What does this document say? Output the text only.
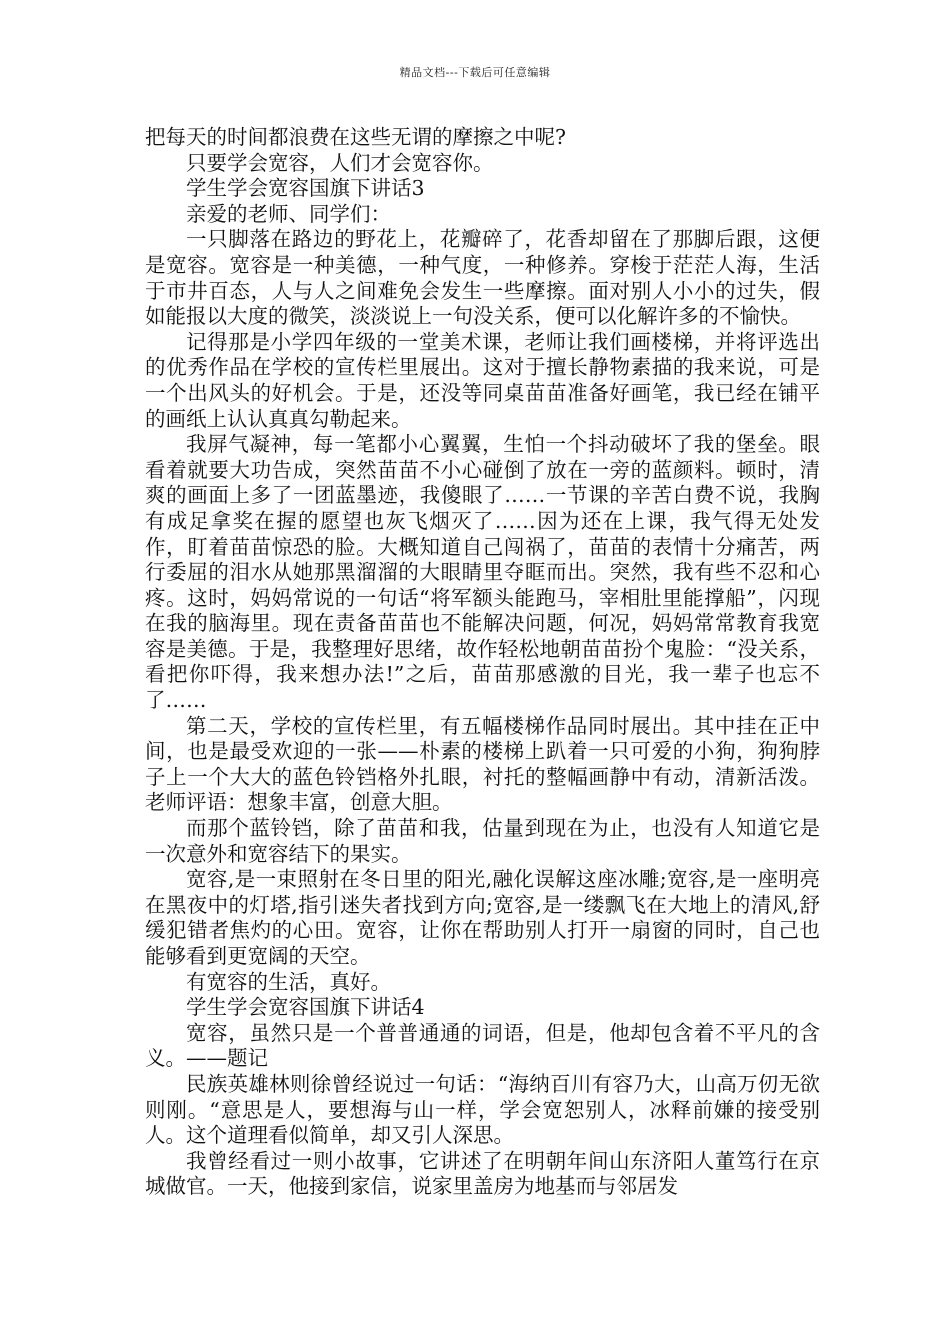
精品文档---下载后可任意编辑

把每天的时间都浪费在这些无谓的摩擦之中呢?

只要学会宽容，人们才会宽容你。

学生学会宽容国旗下讲话3

亲爱的老师、同学们：

一只脚落在路边的野花上，花瓣碎了，花香却留在了那脚后跟，这便是宽容。宽容是一种美德，一种气度，一种修养。穿梭于茫茫人海，生活于市井百态，人与人之间难免会发生一些摩擦。面对别人小小的过失，假如能报以大度的微笑，淡淡说上一句没关系，便可以化解许多的不愉快。

记得那是小学四年级的一堂美术课，老师让我们画楼梯，并将评选出的优秀作品在学校的宣传栏里展出。这对于擅长静物素描的我来说，可是一个出风头的好机会。于是，还没等同桌苗苗准备好画笔，我已经在铺平的画纸上认认真真勾勒起来。

我屏气凝神，每一笔都小心翼翼，生怕一个抖动破坏了我的堡垒。眼看着就要大功告成，突然苗苗不小心碰倒了放在一旁的蓝颜料。顿时，清爽的画面上多了一团蓝墨迹，我傻眼了……一节课的辛苦白费不说，我胸有成足拿奖在握的愿望也灰飞烟灭了……因为还在上课，我气得无处发作，盯着苗苗惊恐的脸。大概知道自己闯祸了，苗苗的表情十分痛苦，两行委屈的泪水从她那黑溜溜的大眼睛里夺眶而出。突然，我有些不忍和心疼。这时，妈妈常说的一句话“将军额头能跑马，宰相肚里能撑船”，闪现在我的脑海里。现在责备苗苗也不能解决问题，何况，妈妈常常教育我宽容是美德。于是，我整理好思绪，故作轻松地朝苗苗扮个鬼脸：“没关系，看把你吓得，我来想办法!”之后，苗苗那感激的目光，我一辈子也忘不了……

第二天，学校的宣传栏里，有五幅楼梯作品同时展出。其中挂在正中间，也是最受欢迎的一张——朴素的楼梯上趴着一只可爱的小狗，狗狗脖子上一个大大的蓝色铃铛格外扎眼，衬托的整幅画静中有动，清新活泼。老师评语：想象丰富，创意大胆。

而那个蓝铃铛，除了苗苗和我，估量到现在为止，也没有人知道它是一次意外和宽容结下的果实。

宽容,是一束照射在冬日里的阳光,融化误解这座冰雕;宽容,是一座明亮在黑夜中的灯塔,指引迷失者找到方向;宽容,是一缕飘飞在大地上的清风,舒缓犯错者焦灼的心田。宽容，让你在帮助别人打开一扇窗的同时，自己也能够看到更宽阔的天空。

有宽容的生活，真好。

学生学会宽容国旗下讲话4

宽容，虽然只是一个普普通通的词语，但是，他却包含着不平凡的含义。——题记

民族英雄林则徐曾经说过一句话：“海纳百川有容乃大，山高万仞无欲则刚。“意思是人，要想海与山一样，学会宽恕别人，冰释前嫌的接受别人。这个道理看似简单，却又引人深思。

我曾经看过一则小故事，它讲述了在明朝年间山东济阳人董笃行在京城做官。一天，他接到家信，说家里盖房为地基而与邻居发
